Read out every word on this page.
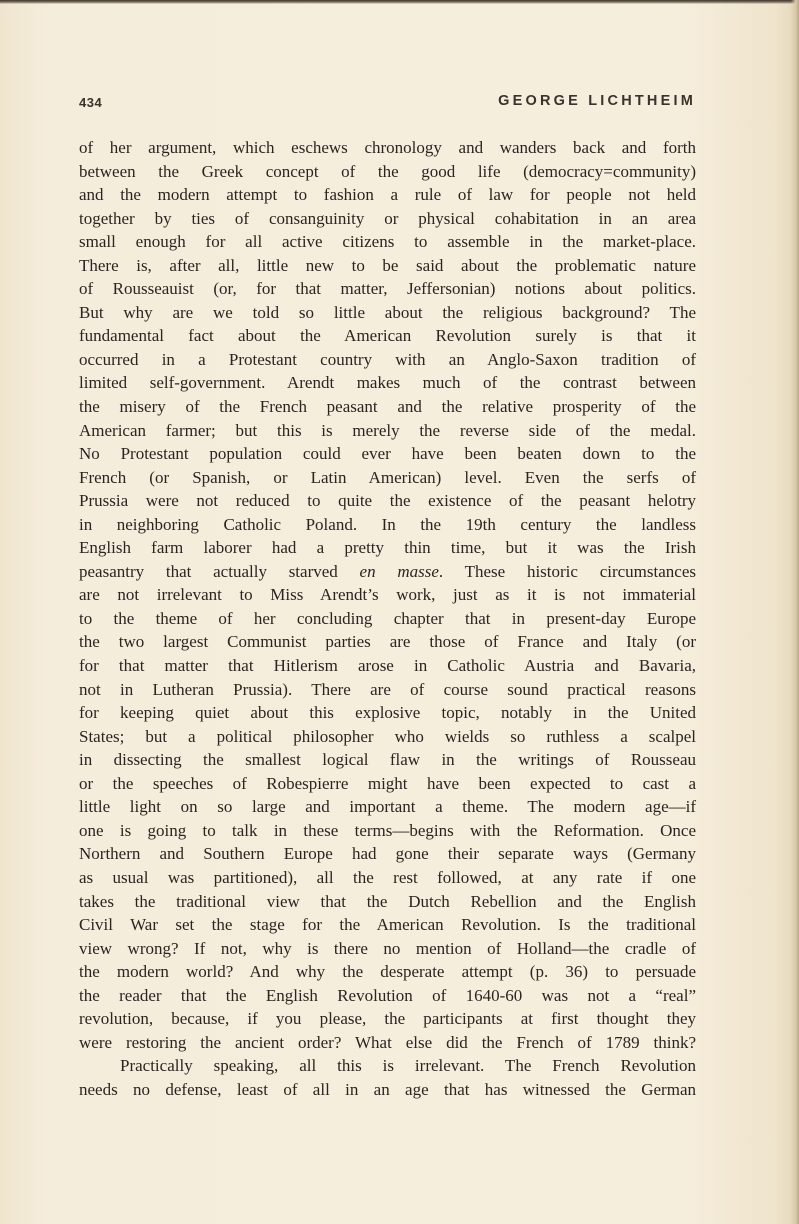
434	GEORGE LICHTHEIM
of her argument, which eschews chronology and wanders back and forth
between the Greek concept of the good life (democracy=community)
and the modern attempt to fashion a rule of law for people not held
together by ties of consanguinity or physical cohabitation in an area
small enough for all active citizens to assemble in the market-place.
There is, after all, little new to be said about the problematic nature
of Rousseauist (or, for that matter, Jeffersonian) notions about politics.
But why are we told so little about the religious background? The
fundamental fact about the American Revolution surely is that it
occurred in a Protestant country with an Anglo-Saxon tradition of
limited self-government. Arendt makes much of the contrast between
the misery of the French peasant and the relative prosperity of the
American farmer; but this is merely the reverse side of the medal.
No Protestant population could ever have been beaten down to the
French (or Spanish, or Latin American) level. Even the serfs of
Prussia were not reduced to quite the existence of the peasant helotry
in neighboring Catholic Poland. In the 19th century the landless
English farm laborer had a pretty thin time, but it was the Irish
peasantry that actually starved en masse. These historic circumstances
are not irrelevant to Miss Arendt’s work, just as it is not immaterial
to the theme of her concluding chapter that in present-day Europe
the two largest Communist parties are those of France and Italy (or
for that matter that Hitlerism arose in Catholic Austria and Bavaria,
not in Lutheran Prussia). There are of course sound practical reasons
for keeping quiet about this explosive topic, notably in the United
States; but a political philosopher who wields so ruthless a scalpel
in dissecting the smallest logical flaw in the writings of Rousseau
or the speeches of Robespierre might have been expected to cast a
little light on so large and important a theme. The modern age—if
one is going to talk in these terms—begins with the Reformation. Once
Northern and Southern Europe had gone their separate ways (Germany
as usual was partitioned), all the rest followed, at any rate if one
takes the traditional view that the Dutch Rebellion and the English
Civil War set the stage for the American Revolution. Is the traditional
view wrong? If not, why is there no mention of Holland—the cradle of
the modern world? And why the desperate attempt (p. 36) to persuade
the reader that the English Revolution of 1640-60 was not a “real”
revolution, because, if you please, the participants at first thought they
were restoring the ancient order? What else did the French of 1789 think?
Practically speaking, all this is irrelevant. The French Revolution
needs no defense, least of all in an age that has witnessed the German
